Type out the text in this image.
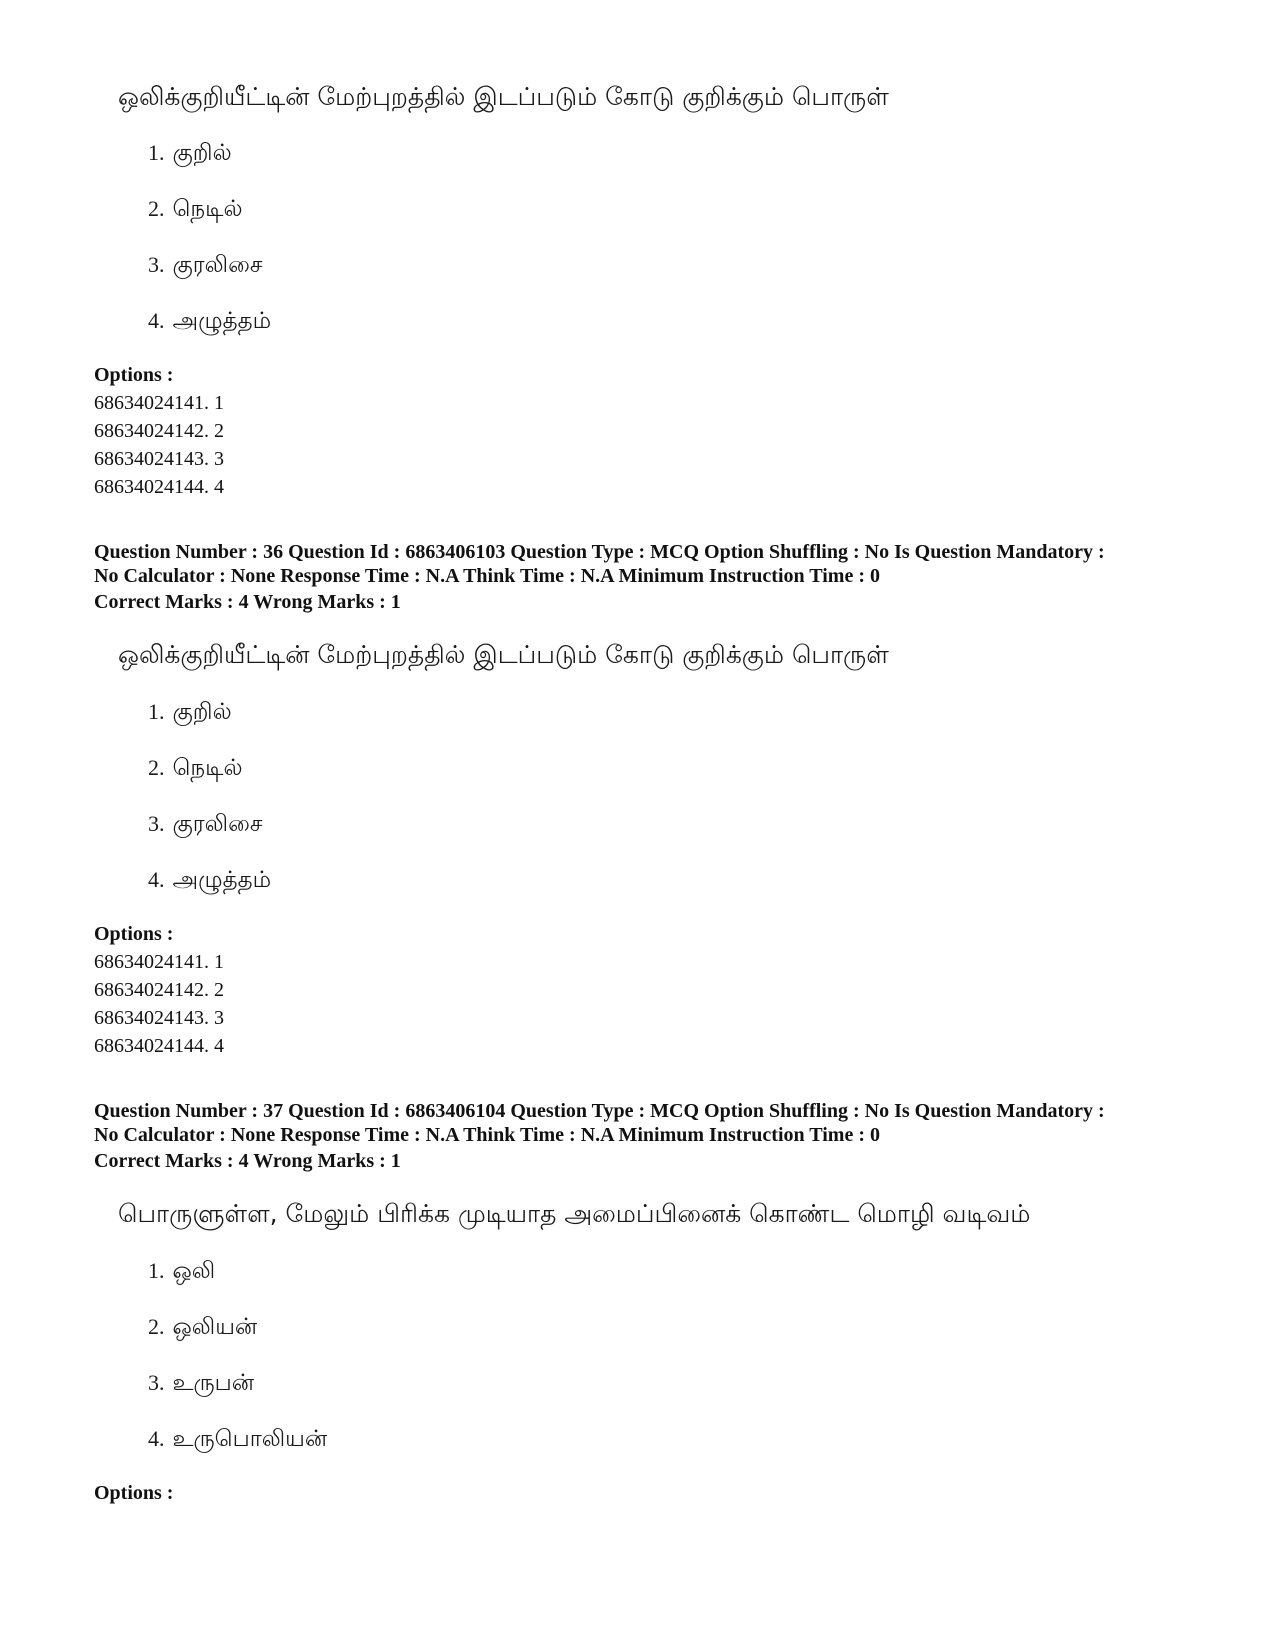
ஒலிக்குறியீட்டின் மேற்புறத்தில் இடப்படும் கோடு குறிக்கும் பொருள்
1. குறில்
2. நெடில்
3. குரலிசை
4. அழுத்தம்
Options :
68634024141. 1
68634024142. 2
68634024143. 3
68634024144. 4
Question Number : 36 Question Id : 6863406103 Question Type : MCQ Option Shuffling : No Is Question Mandatory :
No Calculator : None Response Time : N.A Think Time : N.A Minimum Instruction Time : 0
Correct Marks : 4 Wrong Marks : 1
ஒலிக்குறியீட்டின் மேற்புறத்தில் இடப்படும் கோடு குறிக்கும் பொருள்
1. குறில்
2. நெடில்
3. குரலிசை
4. அழுத்தம்
Options :
68634024141. 1
68634024142. 2
68634024143. 3
68634024144. 4
Question Number : 37 Question Id : 6863406104 Question Type : MCQ Option Shuffling : No Is Question Mandatory :
No Calculator : None Response Time : N.A Think Time : N.A Minimum Instruction Time : 0
Correct Marks : 4 Wrong Marks : 1
பொருளுள்ள, மேலும் பிரிக்க முடியாத அமைப்பினைக் கொண்ட மொழி வடிவம்
1. ஒலி
2. ஒலியன்
3. உருபன்
4. உருபொலியன்
Options :
